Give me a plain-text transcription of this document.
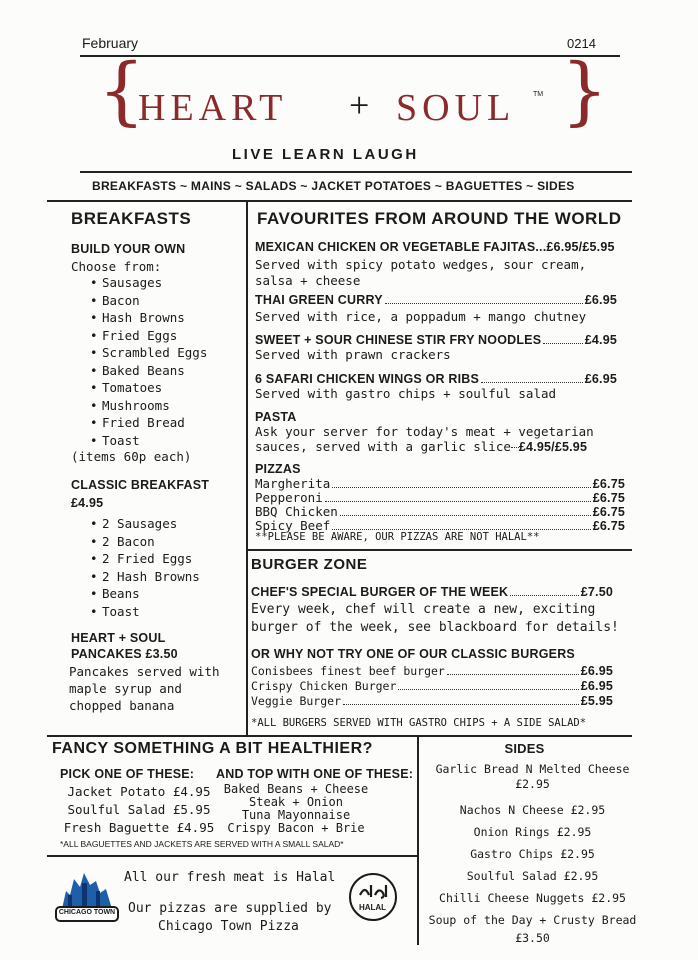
February	0214
{
HEART + SOUL	TM }
LIVE LEARN LAUGH
BREAKFASTS ~ MAINS ~ SALADS ~ JACKET POTATOES ~ BAGUETTES ~ SIDES
BREAKFASTS
BUILD YOUR OWN
Choose from:
• Sausages
• Bacon
• Hash Browns
• Fried Eggs
• Scrambled Eggs
• Baked Beans
• Tomatoes
• Mushrooms
• Fried Bread
• Toast
(items 60p each)
CLASSIC BREAKFAST
£4.95
• 2 Sausages
• 2 Bacon
• 2 Fried Eggs
• 2 Hash Browns
• Beans
• Toast
HEART + SOUL
PANCAKES £3.50
Pancakes served with
maple syrup and
chopped banana
FAVOURITES FROM AROUND THE WORLD
MEXICAN CHICKEN OR VEGETABLE FAJITAS... £6.95/£5.95
Served with spicy potato wedges, sour cream,
salsa + cheese
THAI GREEN CURRY	£6.95
Served with rice, a poppadum + mango chutney
SWEET + SOUR CHINESE STIR FRY NOODLES	£4.95
Served with prawn crackers
6 SAFARI CHICKEN WINGS OR RIBS	£6.95
Served with gastro chips + soulful salad
PASTA
Ask your server for today's meat + vegetarian
sauces, served with a garlic slice £4.95/£5.95
PIZZAS
Margherita	£6.75
Pepperoni	£6.75
BBQ Chicken	£6.75
Spicy Beef	£6.75
**PLEASE BE AWARE, OUR PIZZAS ARE NOT HALAL**
BURGER ZONE
CHEF'S SPECIAL BURGER OF THE WEEK	£7.50
Every week, chef will create a new, exciting
burger of the week, see blackboard for details!
OR WHY NOT TRY ONE OF OUR CLASSIC BURGERS
Conisbees finest beef burger	£6.95
Crispy Chicken Burger	£6.95
Veggie Burger	£5.95
*ALL BURGERS SERVED WITH GASTRO CHIPS + A SIDE SALAD*
FANCY SOMETHING A BIT HEALTHIER?
PICK ONE OF THESE: AND TOP WITH ONE OF THESE:
Jacket Potato £4.95
Soulful Salad £5.95
Fresh Baguette £4.95
Baked Beans + Cheese
Steak + Onion
Tuna Mayonnaise
Crispy Bacon + Brie
*ALL BAGUETTES AND JACKETS ARE SERVED WITH A SMALL SALAD*
CHICAGO TOWN
All our fresh meat is Halal
Our pizzas are supplied by
Chicago Town Pizza
HALAL
SIDES
Garlic Bread N Melted Cheese
£2.95
Nachos N Cheese £2.95
Onion Rings £2.95
Gastro Chips £2.95
Soulful Salad £2.95
Chilli Cheese Nuggets £2.95
Soup of the Day + Crusty Bread
£3.50
